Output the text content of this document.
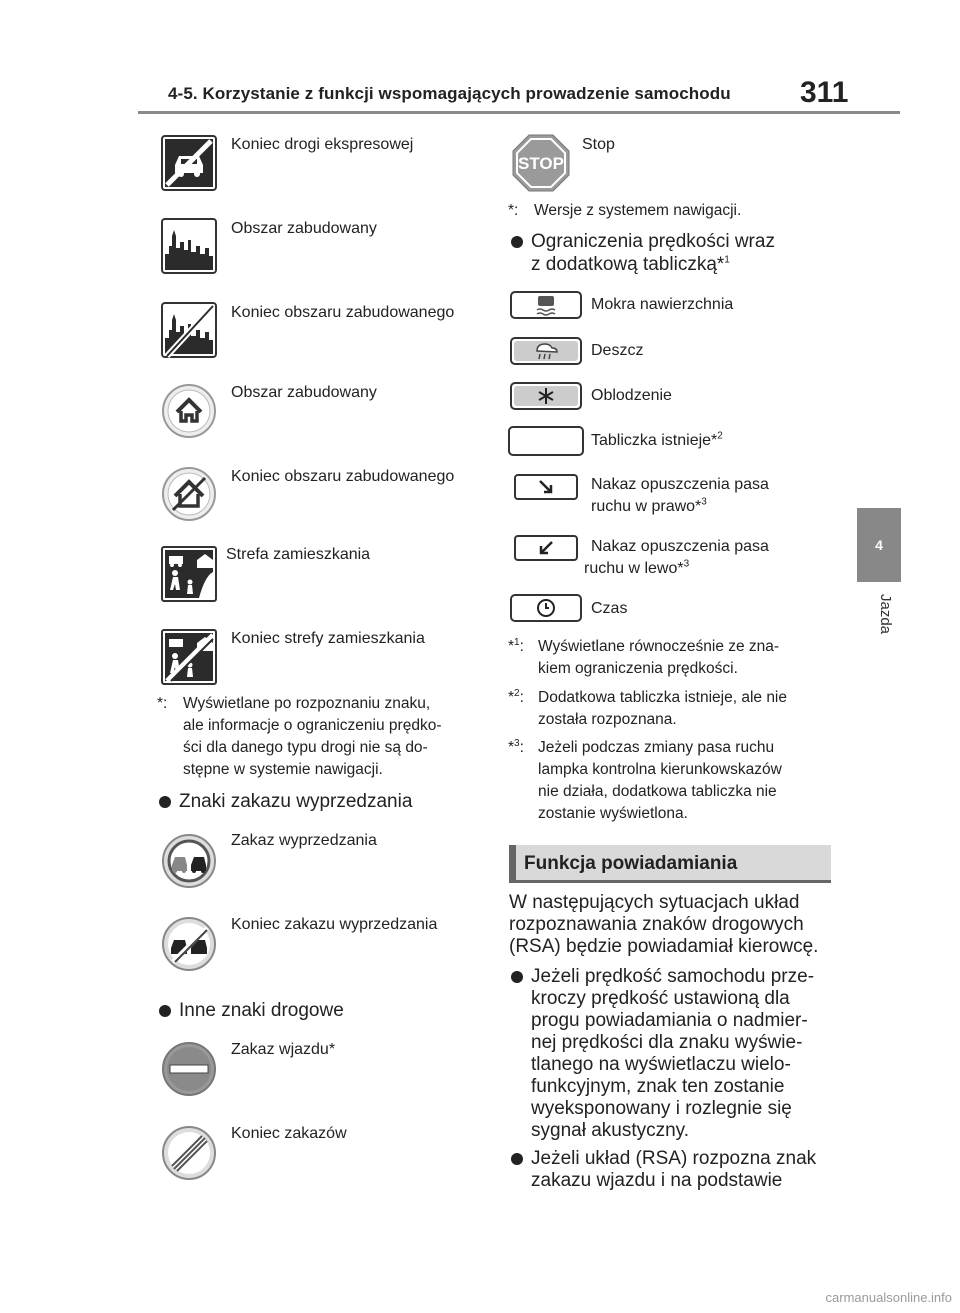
4-5. Korzystanie z funkcji wspomagających prowadzenie samochodu 311
4
Jazda
Koniec drogi ekspresowej
Obszar zabudowany
Koniec obszaru zabudowanego
Obszar zabudowany
Koniec obszaru zabudowanego
Strefa zamieszkania
Koniec strefy zamieszkania
*: Wyświetlane po rozpoznaniu znaku,
ale informacje o ograniczeniu prędko-
ści dla danego typu drogi nie są do-
stępne w systemie nawigacji.
Znaki zakazu wyprzedzania
Zakaz wyprzedzania
Koniec zakazu wyprzedzania
Inne znaki drogowe
Zakaz wjazdu*
Koniec zakazów
STOP
Stop
*: Wersje z systemem nawigacji.
Ograniczenia prędkości wraz
z dodatkową tabliczką*$^1$
Mokra nawierzchnia
Deszcz
Oblodzenie
Tabliczka istnieje*$^2$
Nakaz opuszczenia pasa
ruchu w prawo*$^3$
Nakaz opuszczenia pasa
ruchu w lewo*$^3$
Czas
*$^1$: Wyświetlane równocześnie ze zna-
kiem ograniczenia prędkości.
*$^2$: Dodatkowa tabliczka istnieje, ale nie
została rozpoznana.
*$^3$: Jeżeli podczas zmiany pasa ruchu
lampka kontrolna kierunkowskazów
nie działa, dodatkowa tabliczka nie
zostanie wyświetlona.
Funkcja powiadamiania
W następujących sytuacjach układ
rozpoznawania znaków drogowych
(RSA) będzie powiadamiał kierowcę.
Jeżeli prędkość samochodu prze-
kroczy prędkość ustawioną dla
progu powiadamiania o nadmier-
nej prędkości dla znaku wyświe-
tlanego na wyświetlaczu wielo-
funkcyjnym, znak ten zostanie
wyeksponowany i rozlegnie się
sygnał akustyczny.
Jeżeli układ (RSA) rozpozna znak
zakazu wjazdu i na podstawie
carmanualsonline.info
